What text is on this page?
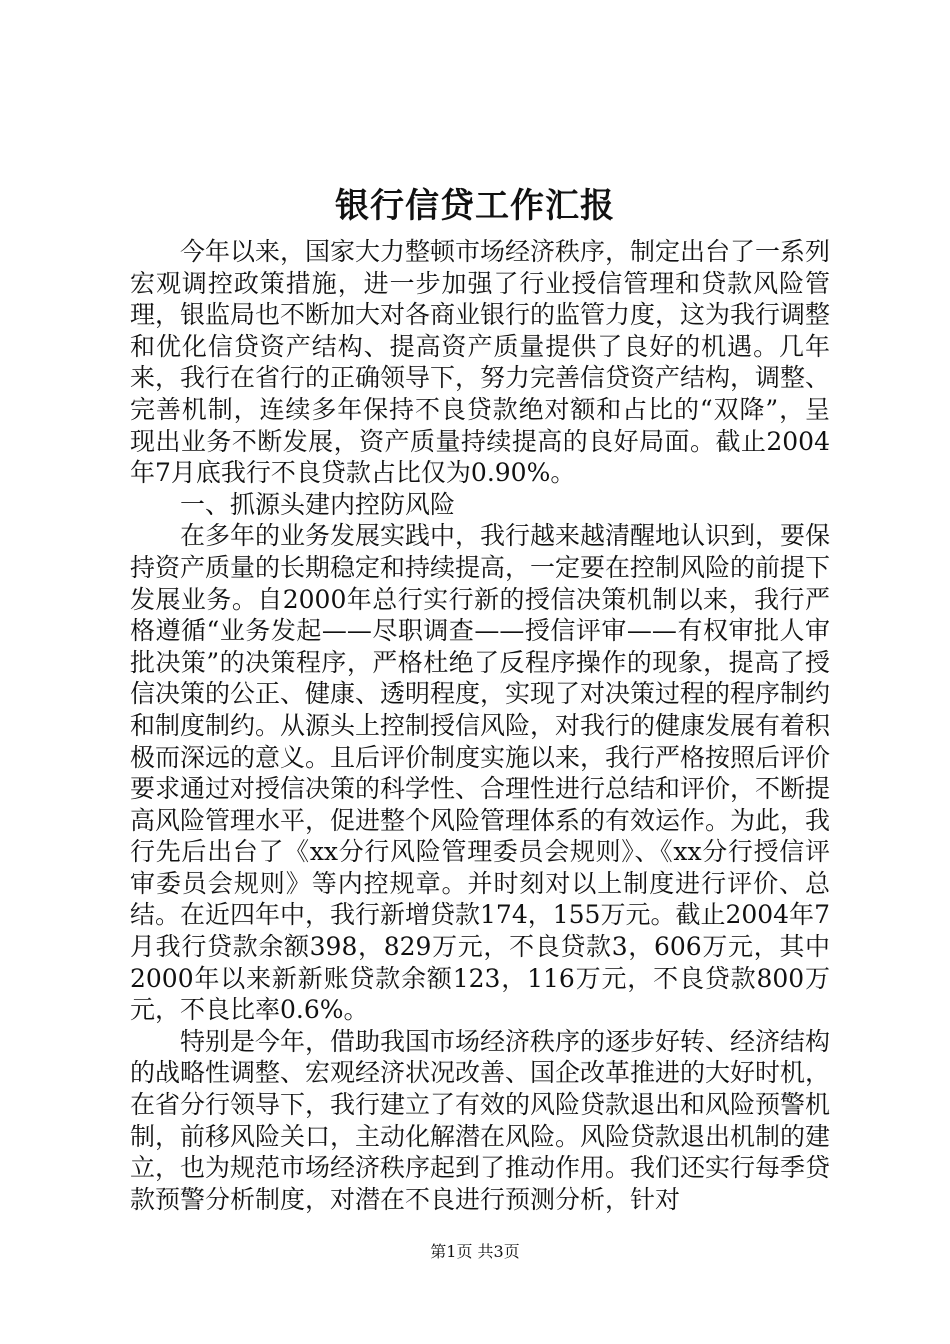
银行信贷工作汇报

今年以来，国家大力整顿市场经济秩序，制定出台了一系列宏观调控政策措施，进一步加强了行业授信管理和贷款风险管理，银监局也不断加大对各商业银行的监管力度，这为我行调整和优化信贷资产结构、提高资产质量提供了良好的机遇。几年来，我行在省行的正确领导下，努力完善信贷资产结构，调整、完善机制，连续多年保持不良贷款绝对额和占比的“双降”，呈现出业务不断发展，资产质量持续提高的良好局面。截止2004年7月底我行不良贷款占比仅为0.90%。

一、抓源头建内控防风险

在多年的业务发展实践中，我行越来越清醒地认识到，要保持资产质量的长期稳定和持续提高，一定要在控制风险的前提下发展业务。自2000年总行实行新的授信决策机制以来，我行严格遵循“业务发起——尽职调查——授信评审——有权审批人审批决策”的决策程序，严格杜绝了反程序操作的现象，提高了授信决策的公正、健康、透明程度，实现了对决策过程的程序制约和制度制约。从源头上控制授信风险，对我行的健康发展有着积极而深远的意义。且后评价制度实施以来，我行严格按照后评价要求通过对授信决策的科学性、合理性进行总结和评价，不断提高风险管理水平，促进整个风险管理体系的有效运作。为此，我行先后出台了《xx分行风险管理委员会规则》、《xx分行授信评审委员会规则》等内控规章。并时刻对以上制度进行评价、总结。在近四年中，我行新增贷款174，155万元。截止2004年7月我行贷款余额398，829万元，不良贷款3，606万元，其中2000年以来新新账贷款余额123，116万元，不良贷款800万元，不良比率0.6%。

特别是今年，借助我国市场经济秩序的逐步好转、经济结构的战略性调整、宏观经济状况改善、国企改革推进的大好时机，在省分行领导下，我行建立了有效的风险贷款退出和风险预警机制，前移风险关口，主动化解潜在风险。风险贷款退出机制的建立，也为规范市场经济秩序起到了推动作用。我们还实行每季贷款预警分析制度，对潜在不良进行预测分析，针对

第1页 共3页
